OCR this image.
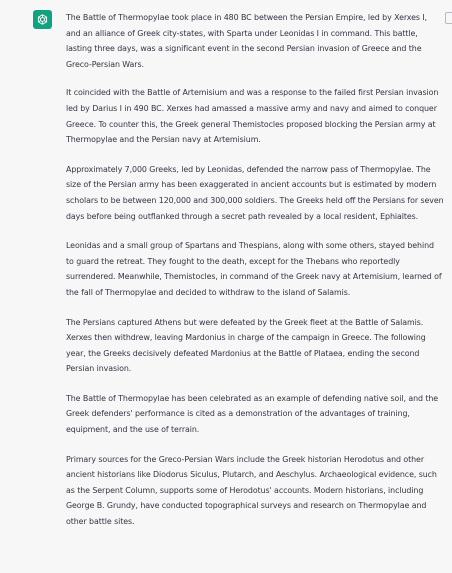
The Battle of Thermopylae took place in 480 BC between the Persian Empire, led by Xerxes I, and an alliance of Greek city-states, with Sparta under Leonidas I in command. This battle, lasting three days, was a significant event in the second Persian invasion of Greece and the Greco-Persian Wars.

It coincided with the Battle of Artemisium and was a response to the failed first Persian invasion led by Darius I in 490 BC. Xerxes had amassed a massive army and navy and aimed to conquer Greece. To counter this, the Greek general Themistocles proposed blocking the Persian army at Thermopylae and the Persian navy at Artemisium.

Approximately 7,000 Greeks, led by Leonidas, defended the narrow pass of Thermopylae. The size of the Persian army has been exaggerated in ancient accounts but is estimated by modern scholars to be between 120,000 and 300,000 soldiers. The Greeks held off the Persians for seven days before being outflanked through a secret path revealed by a local resident, Ephialtes.

Leonidas and a small group of Spartans and Thespians, along with some others, stayed behind to guard the retreat. They fought to the death, except for the Thebans who reportedly surrendered. Meanwhile, Themistocles, in command of the Greek navy at Artemisium, learned of the fall of Thermopylae and decided to withdraw to the island of Salamis.

The Persians captured Athens but were defeated by the Greek fleet at the Battle of Salamis. Xerxes then withdrew, leaving Mardonius in charge of the campaign in Greece. The following year, the Greeks decisively defeated Mardonius at the Battle of Plataea, ending the second Persian invasion.

The Battle of Thermopylae has been celebrated as an example of defending native soil, and the Greek defenders' performance is cited as a demonstration of the advantages of training, equipment, and the use of terrain.

Primary sources for the Greco-Persian Wars include the Greek historian Herodotus and other ancient historians like Diodorus Siculus, Plutarch, and Aeschylus. Archaeological evidence, such as the Serpent Column, supports some of Herodotus' accounts. Modern historians, including George B. Grundy, have conducted topographical surveys and research on Thermopylae and other battle sites.
